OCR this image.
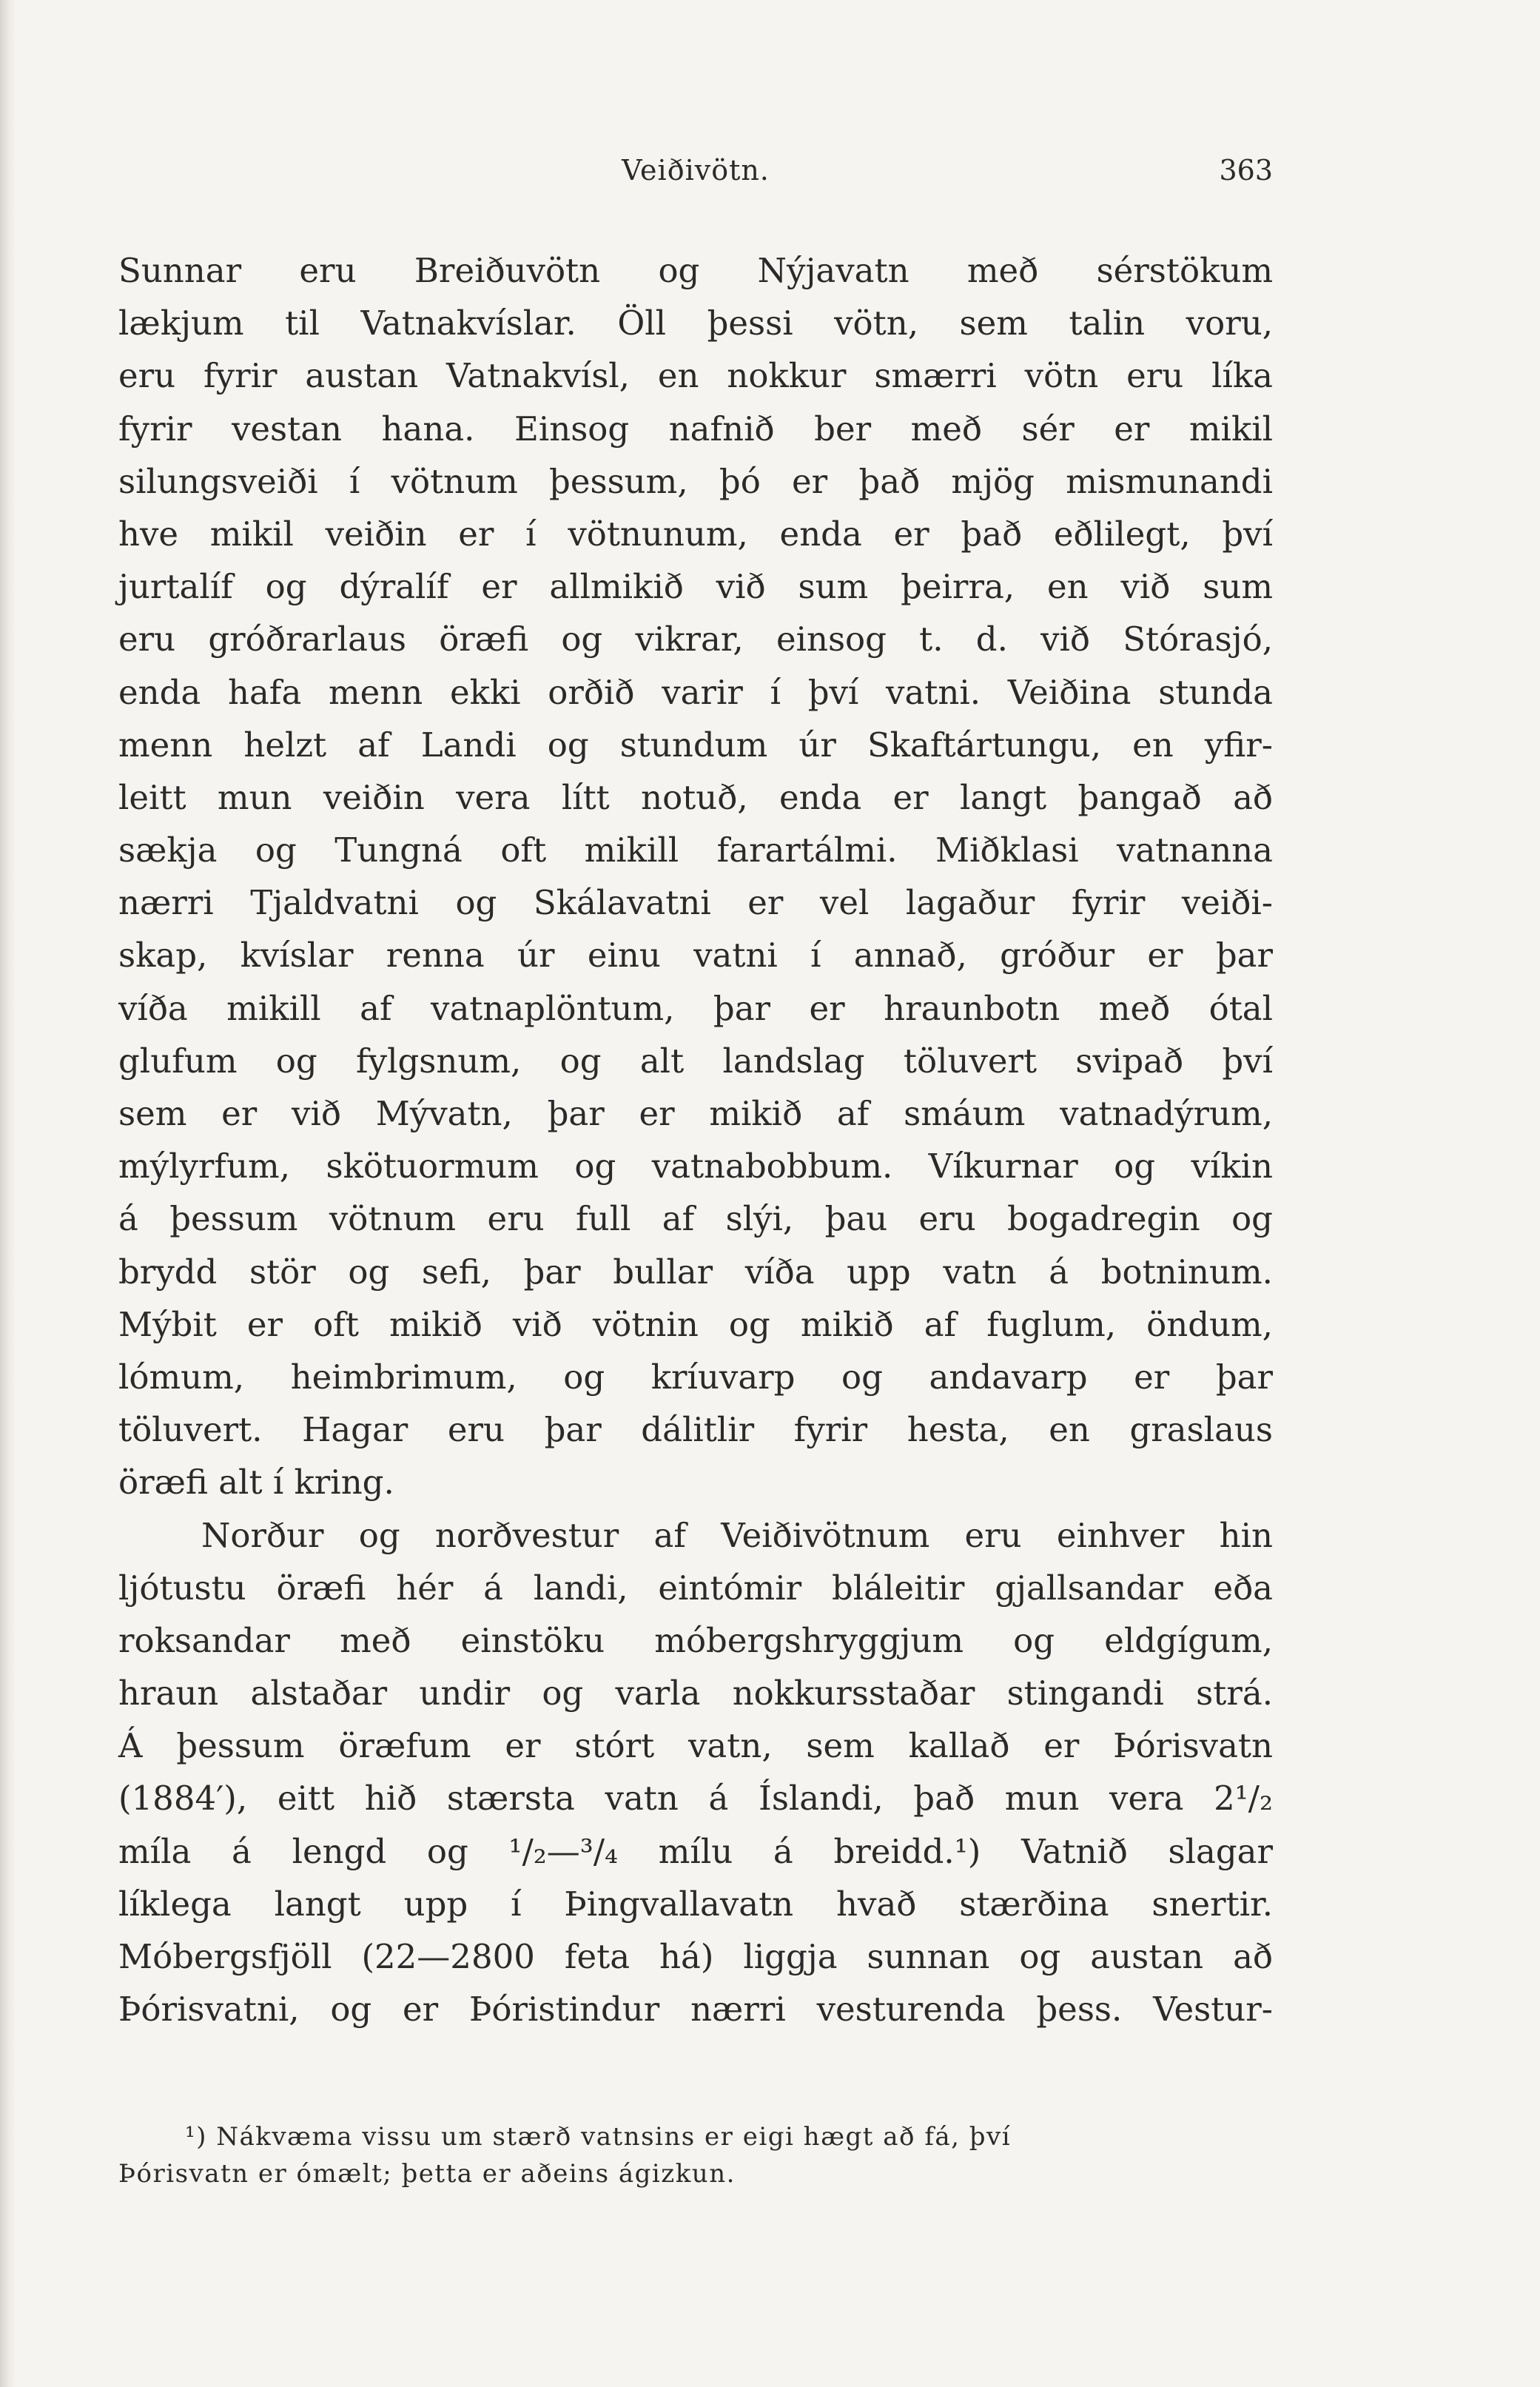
Veiðivötn.	363
Sunnar eru Breiðuvötn og Nýjavatn með sérstökum
lækjum til Vatnakvíslar. Öll þessi vötn, sem talin voru,
eru fyrir austan Vatnakvísl, en nokkur smærri vötn eru líka
fyrir vestan hana. Einsog nafnið ber með sér er mikil
silungsveiði í vötnum þessum, þó er það mjög mismunandi
hve mikil veiðin er í vötnunum, enda er það eðlilegt, því
jurtalíf og dýralíf er allmikið við sum þeirra, en við sum
eru gróðrarlaus öræfi og vikrar, einsog t. d. við Stórasjó,
enda hafa menn ekki orðið varir í því vatni. Veiðina stunda
menn helzt af Landi og stundum úr Skaftártungu, en yfir-
leitt mun veiðin vera lítt notuð, enda er langt þangað að
sækja og Tungná oft mikill farartálmi. Miðklasi vatnanna
nærri Tjaldvatni og Skálavatni er vel lagaður fyrir veiði-
skap, kvíslar renna úr einu vatni í annað, gróður er þar
víða mikill af vatnaplöntum, þar er hraunbotn með ótal
glufum og fylgsnum, og alt landslag töluvert svipað því
sem er við Mývatn, þar er mikið af smáum vatnadýrum,
mýlyrfum, skötuormum og vatnabobbum. Víkurnar og víkin
á þessum vötnum eru full af slýi, þau eru bogadregin og
brydd stör og sefi, þar bullar víða upp vatn á botninum.
Mýbit er oft mikið við vötnin og mikið af fuglum, öndum,
lómum, heimbrimum, og kríuvarp og andavarp er þar
töluvert. Hagar eru þar dálitlir fyrir hesta, en graslaus
öræfi alt í kring.
Norður og norðvestur af Veiðivötnum eru einhver hin
ljótustu öræfi hér á landi, eintómir bláleitir gjallsandar eða
roksandar með einstöku móbergshryggjum og eldgígum,
hraun alstaðar undir og varla nokkursstaðar stingandi strá.
Á þessum öræfum er stórt vatn, sem kallað er Þórisvatn
(1884′), eitt hið stærsta vatn á Íslandi, það mun vera 2¹/₂
míla á lengd og ¹/₂—³/₄ mílu á breidd.¹) Vatnið slagar
líklega langt upp í Þingvallavatn hvað stærðina snertir.
Móbergsfjöll (22—2800 feta há) liggja sunnan og austan að
Þórisvatni, og er Þóristindur nærri vesturenda þess. Vestur-
¹) Nákvæma vissu um stærð vatnsins er eigi hægt að fá, því
Þórisvatn er ómælt; þetta er aðeins ágizkun.
